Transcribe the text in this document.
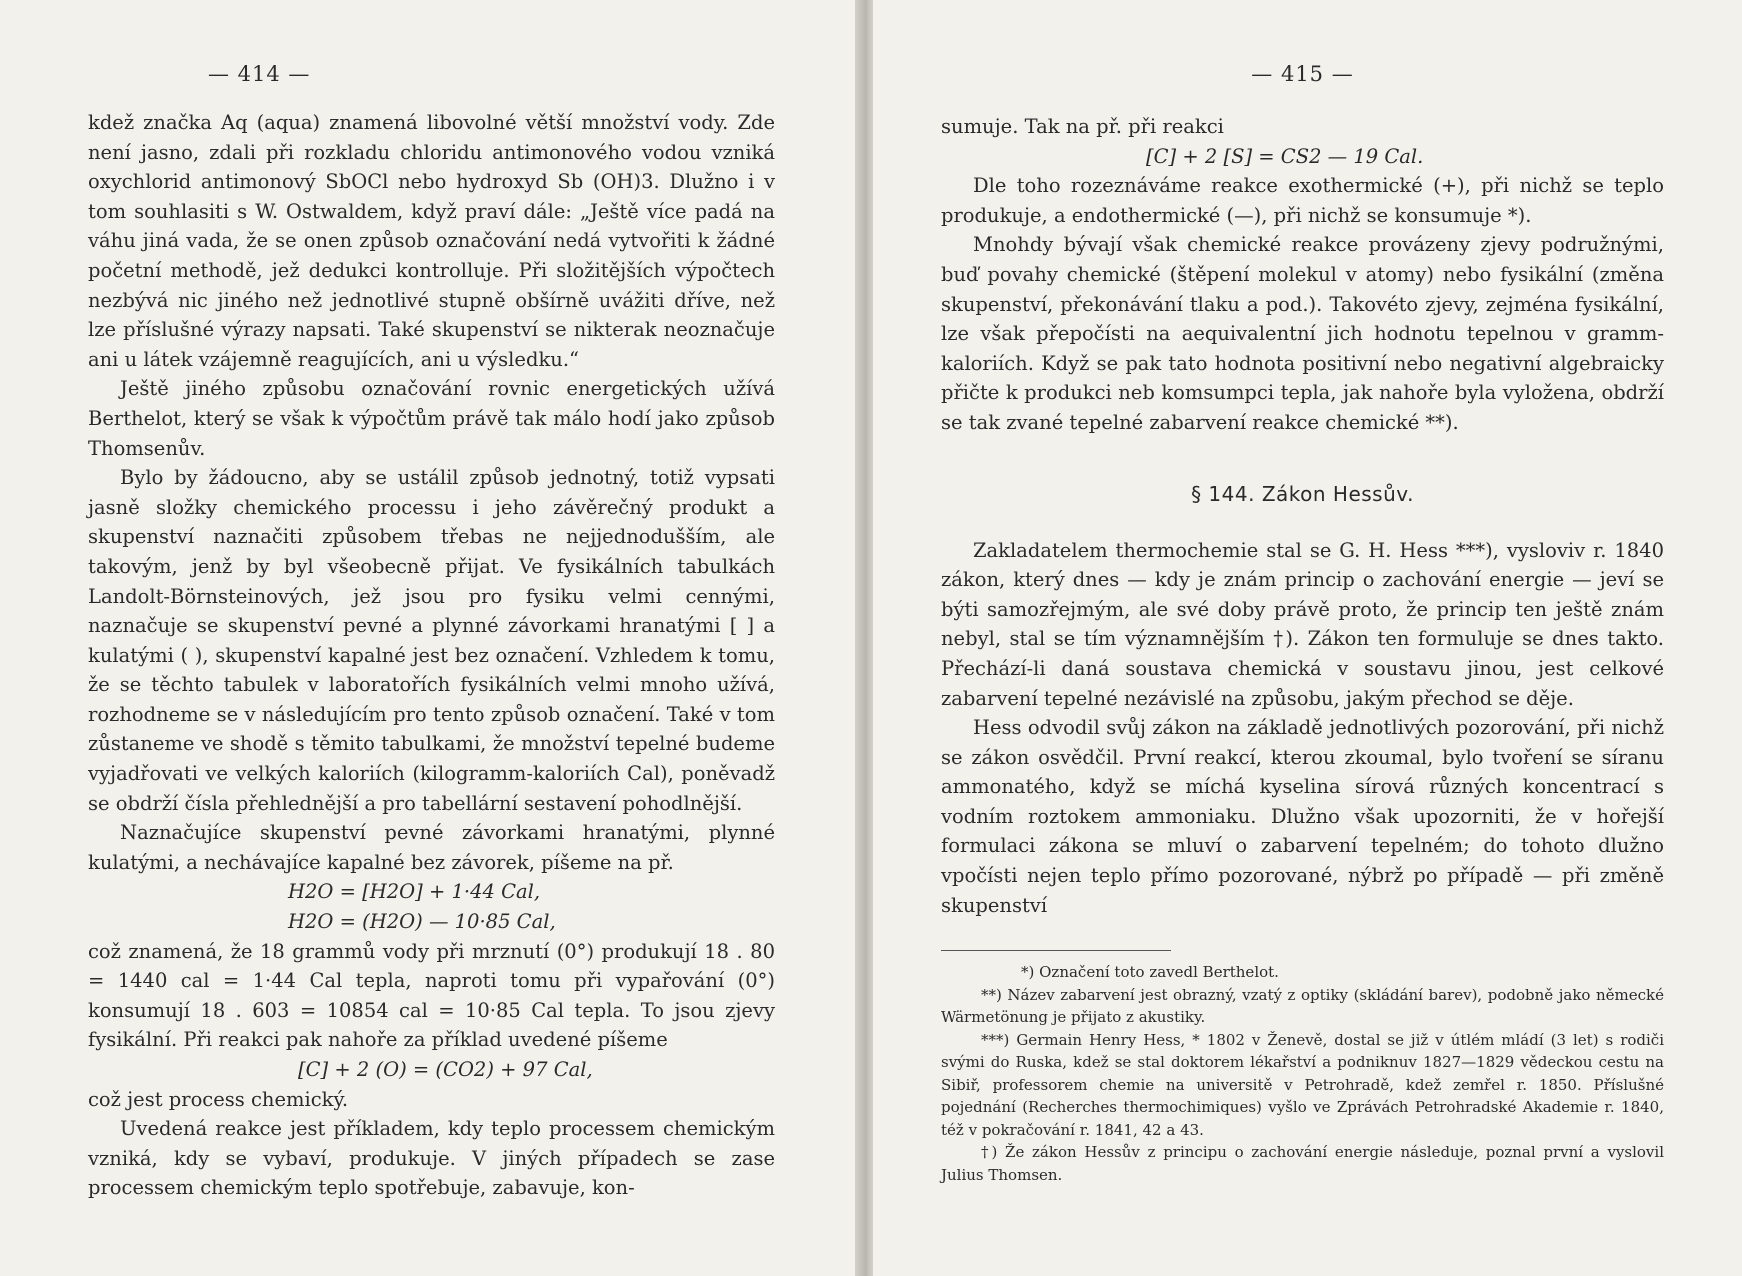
— 414 —

kdež značka Aq (aqua) znamená libovolné větší množství vody. Zde není jasno, zdali při rozkladu chloridu antimonového vodou vzniká oxychlorid antimonový SbOCl nebo hydroxyd Sb (OH)3. Dlužno i v tom souhlasiti s W. Ostwaldem, když praví dále: „Ještě více padá na váhu jiná vada, že se onen způsob označování nedá vytvořiti k žádné početní methodě, jež dedukci kontrolluje. Při složitějších výpočtech nezbývá nic jiného než jednotlivé stupně obšírně uvážiti dříve, než lze příslušné výrazy napsati. Také skupenství se nikterak neoznačuje ani u látek vzájemně reagujících, ani u výsledku.“

Ještě jiného způsobu označování rovnic energetických užívá Berthelot, který se však k výpočtům právě tak málo hodí jako způsob Thomsenův.

Bylo by žádoucno, aby se ustálil způsob jednotný, totiž vypsati jasně složky chemického processu i jeho závěrečný produkt a skupenství naznačiti způsobem třebas ne nejjednodušším, ale takovým, jenž by byl všeobecně přijat. Ve fysikálních tabulkách Landolt-Börnsteinových, jež jsou pro fysiku velmi cennými, naznačuje se skupenství pevné a plynné závorkami hranatými [ ] a kulatými ( ), skupenství kapalné jest bez označení. Vzhledem k tomu, že se těchto tabulek v laboratořích fysikálních velmi mnoho užívá, rozhodneme se v následujícím pro tento způsob označení. Také v tom zůstaneme ve shodě s těmito tabulkami, že množství tepelné budeme vyjadřovati ve velkých kaloriích (kilogramm-kaloriích Cal), poněvadž se obdrží čísla přehlednější a pro tabellární sestavení pohodlnější.

Naznačujíce skupenství pevné závorkami hranatými, plynné kulatými, a nechávajíce kapalné bez závorek, píšeme na př.

H2O = [H2O] + 1·44 Cal,
H2O = (H2O) — 10·85 Cal,

což znamená, že 18 grammů vody při mrznutí (0°) produkují 18 . 80 = 1440 cal = 1·44 Cal tepla, naproti tomu při vypařování (0°) konsumují 18 . 603 = 10854 cal = 10·85 Cal tepla. To jsou zjevy fysikální. Při reakci pak nahoře za příklad uvedené píšeme

[C] + 2 (O) = (CO2) + 97 Cal,

což jest process chemický.

Uvedená reakce jest příkladem, kdy teplo processem chemickým vzniká, kdy se vybaví, produkuje. V jiných případech se zase processem chemickým teplo spotřebuje, zabavuje, kon-

— 415 —

sumuje. Tak na př. při reakci

[C] + 2 [S] = CS2 — 19 Cal.

Dle toho rozeznáváme reakce exothermické (+), při nichž se teplo produkuje, a endothermické (—), při nichž se konsumuje *).

Mnohdy bývají však chemické reakce provázeny zjevy podružnými, buď povahy chemické (štěpení molekul v atomy) nebo fysikální (změna skupenství, překonávání tlaku a pod.). Takovéto zjevy, zejména fysikální, lze však přepočísti na aequivalentní jich hodnotu tepelnou v gramm-kaloriích. Když se pak tato hodnota positivní nebo negativní algebraicky přičte k produkci neb komsumpci tepla, jak nahoře byla vyložena, obdrží se tak zvané tepelné zabarvení reakce chemické **).

§ 144. Zákon Hessův.

Zakladatelem thermochemie stal se G. H. Hess ***), vysloviv r. 1840 zákon, který dnes — kdy je znám princip o zachování energie — jeví se býti samozřejmým, ale své doby právě proto, že princip ten ještě znám nebyl, stal se tím významnějším †). Zákon ten formuluje se dnes takto. Přechází-li daná soustava chemická v soustavu jinou, jest celkové zabarvení tepelné nezávislé na způsobu, jakým přechod se děje.

Hess odvodil svůj zákon na základě jednotlivých pozorování, při nichž se zákon osvědčil. První reakcí, kterou zkoumal, bylo tvoření se síranu ammonatého, když se míchá kyselina sírová různých koncentrací s vodním roztokem ammoniaku. Dlužno však upozorniti, že v hořejší formulaci zákona se mluví o zabarvení tepelném; do tohoto dlužno vpočísti nejen teplo přímo pozorované, nýbrž po případě — při změně skupenství

*) Označení toto zavedl Berthelot.
**) Název zabarvení jest obrazný, vzatý z optiky (skládání barev), podobně jako německé Wärmetönung je přijato z akustiky.
***) Germain Henry Hess, * 1802 v Ženevě, dostal se již v útlém mládí (3 let) s rodiči svými do Ruska, kdež se stal doktorem lékařství a podniknuv 1827—1829 vědeckou cestu na Sibiř, professorem chemie na universitě v Petrohradě, kdež zemřel r. 1850. Příslušné pojednání (Recherches thermochimiques) vyšlo ve Zprávách Petrohradské Akademie r. 1840, též v pokračování r. 1841, 42 a 43.
†) Že zákon Hessův z principu o zachování energie následuje, poznal první a vyslovil Julius Thomsen.
